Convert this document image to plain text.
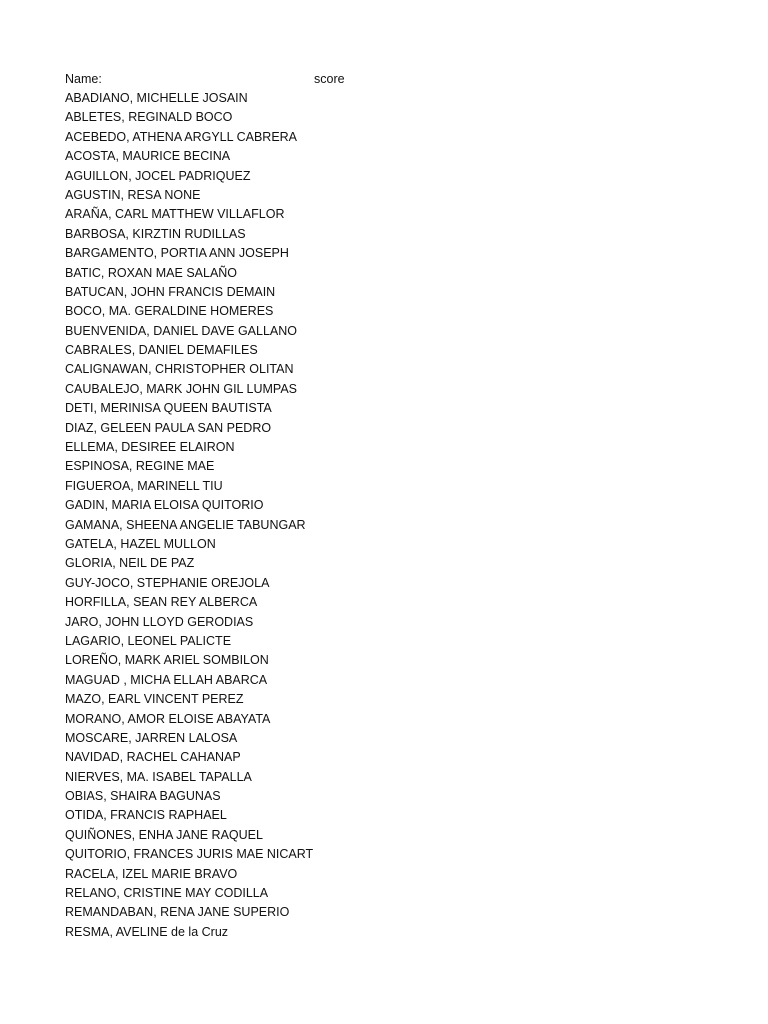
Name:	score
ABADIANO, MICHELLE JOSAIN
ABLETES, REGINALD BOCO
ACEBEDO, ATHENA ARGYLL CABRERA
ACOSTA, MAURICE BECINA
AGUILLON, JOCEL PADRIQUEZ
AGUSTIN, RESA NONE
ARAÑA, CARL MATTHEW VILLAFLOR
BARBOSA, KIRZTIN RUDILLAS
BARGAMENTO, PORTIA ANN JOSEPH
BATIC, ROXAN MAE SALAÑO
BATUCAN, JOHN FRANCIS DEMAIN
BOCO, MA. GERALDINE HOMERES
BUENVENIDA, DANIEL DAVE GALLANO
CABRALES, DANIEL DEMAFILES
CALIGNAWAN, CHRISTOPHER OLITAN
CAUBALEJO, MARK JOHN GIL LUMPAS
DETI, MERINISA QUEEN BAUTISTA
DIAZ, GELEEN PAULA SAN PEDRO
ELLEMA, DESIREE ELAIRON
ESPINOSA, REGINE MAE
FIGUEROA, MARINELL TIU
GADIN, MARIA ELOISA QUITORIO
GAMANA, SHEENA ANGELIE TABUNGAR
GATELA, HAZEL MULLON
GLORIA, NEIL DE PAZ
GUY-JOCO, STEPHANIE OREJOLA
HORFILLA, SEAN REY ALBERCA
JARO, JOHN LLOYD GERODIAS
LAGARIO, LEONEL PALICTE
LOREÑO, MARK ARIEL SOMBILON
MAGUAD , MICHA ELLAH ABARCA
MAZO, EARL VINCENT PEREZ
MORANO, AMOR ELOISE ABAYATA
MOSCARE, JARREN LALOSA
NAVIDAD, RACHEL CAHANAP
NIERVES, MA. ISABEL TAPALLA
OBIAS, SHAIRA BAGUNAS
OTIDA, FRANCIS RAPHAEL
QUIÑONES, ENHA JANE RAQUEL
QUITORIO, FRANCES JURIS MAE NICART
RACELA, IZEL MARIE BRAVO
RELANO, CRISTINE MAY CODILLA
REMANDABAN, RENA JANE SUPERIO
RESMA, AVELINE de la Cruz
